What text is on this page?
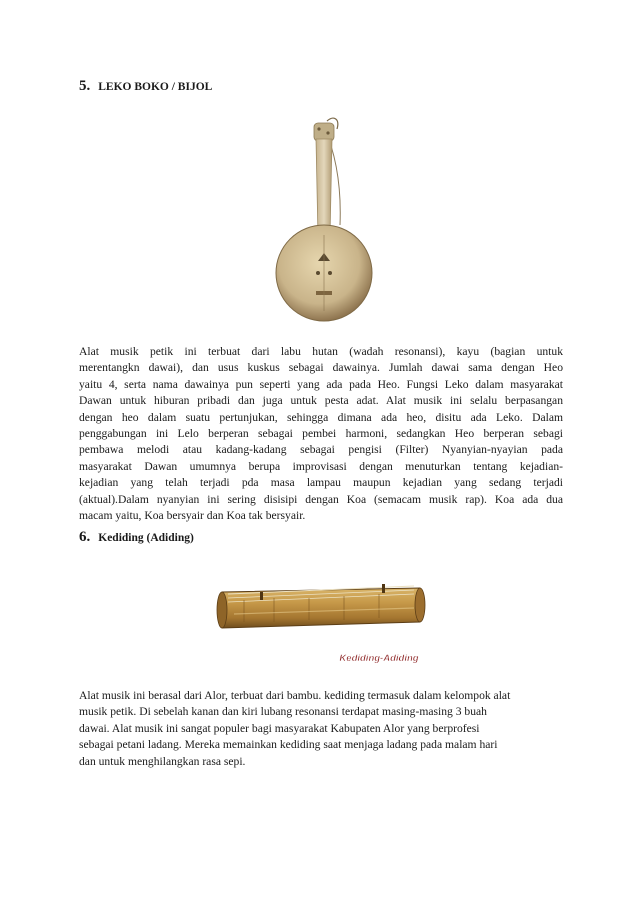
5. LEKO BOKO / BIJOL
Alat musik petik ini terbuat dari labu hutan (wadah resonansi), kayu (bagian untuk
merentangkn dawai), dan usus kuskus sebagai dawainya. Jumlah dawai sama dengan Heo
yaitu 4, serta nama dawainya pun seperti yang ada pada Heo. Fungsi Leko dalam masyarakat
Dawan untuk hiburan pribadi dan juga untuk pesta adat. Alat musik ini selalu berpasangan
dengan heo dalam suatu pertunjukan, sehingga dimana ada heo, disitu ada Leko. Dalam
penggabungan ini Lelo berperan sebagai pembei harmoni, sedangkan Heo berperan sebagi
pembawa melodi atau kadang-kadang sebagai pengisi (Filter) Nyanyian-nyayian pada
masyarakat Dawan umumnya berupa improvisasi dengan menuturkan tentang kejadian-
kejadian yang telah terjadi pda masa lampau maupun kejadian yang sedang terjadi
(aktual).Dalam nyanyian ini sering disisipi dengan Koa (semacam musik rap). Koa ada dua
macam yaitu, Koa bersyair dan Koa tak bersyair.
6. Kediding (Adiding)
Kediding-Adiding
Alat musik ini berasal dari Alor, terbuat dari bambu. kediding termasuk dalam kelompok alat
musik petik. Di sebelah kanan dan kiri lubang resonansi terdapat masing-masing 3 buah
dawai. Alat musik ini sangat populer bagi masyarakat Kabupaten Alor yang berprofesi
sebagai petani ladang. Mereka memainkan kediding saat menjaga ladang pada malam hari
dan untuk menghilangkan rasa sepi.
